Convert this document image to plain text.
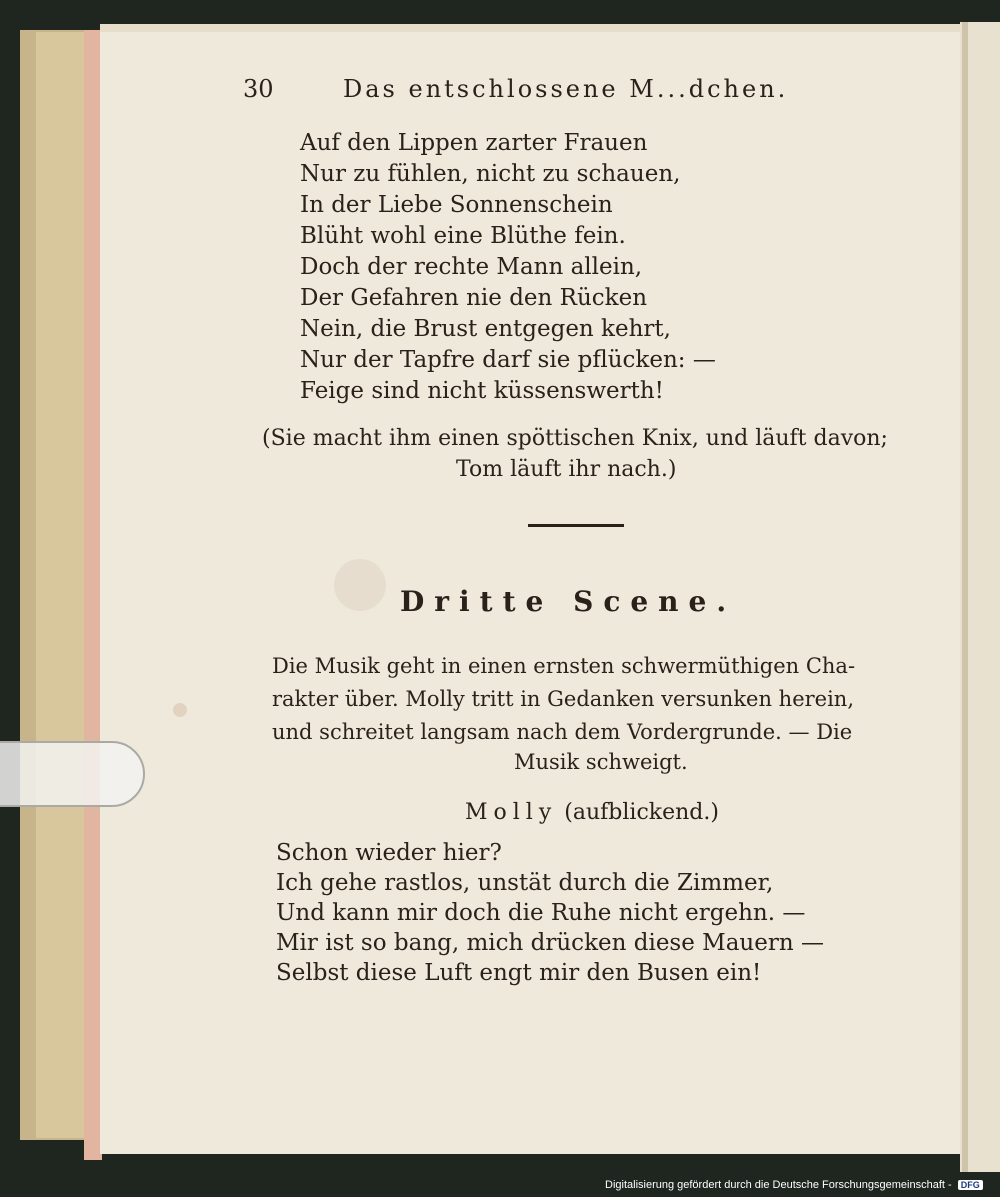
30	Das entschlossene M...dchen.
Auf den Lippen zarter Frauen
Nur zu fühlen, nicht zu schauen,
In der Liebe Sonnenschein
Blüht wohl eine Blüthe fein.
Doch der rechte Mann allein,
Der Gefahren nie den Rücken
Nein, die Brust entgegen kehrt,
Nur der Tapfre darf sie pflücken: —
Feige sind nicht küssenswerth!
(Sie macht ihm einen spöttischen Knix, und läuft davon;
Tom läuft ihr nach.)
Dritte Scene.
Die Musik geht in einen ernsten schwermüthigen Cha-
rakter über. Molly tritt in Gedanken versunken herein,
und schreitet langsam nach dem Vordergrunde. — Die
Musik schweigt.
Molly (aufblickend.)
Schon wieder hier?
Ich gehe rastlos, unstät durch die Zimmer,
Und kann mir doch die Ruhe nicht ergehn. —
Mir ist so bang, mich drücken diese Mauern —
Selbst diese Luft engt mir den Busen ein!
Digitalisierung gefördert durch die Deutsche Forschungsgemeinschaft - DFG
